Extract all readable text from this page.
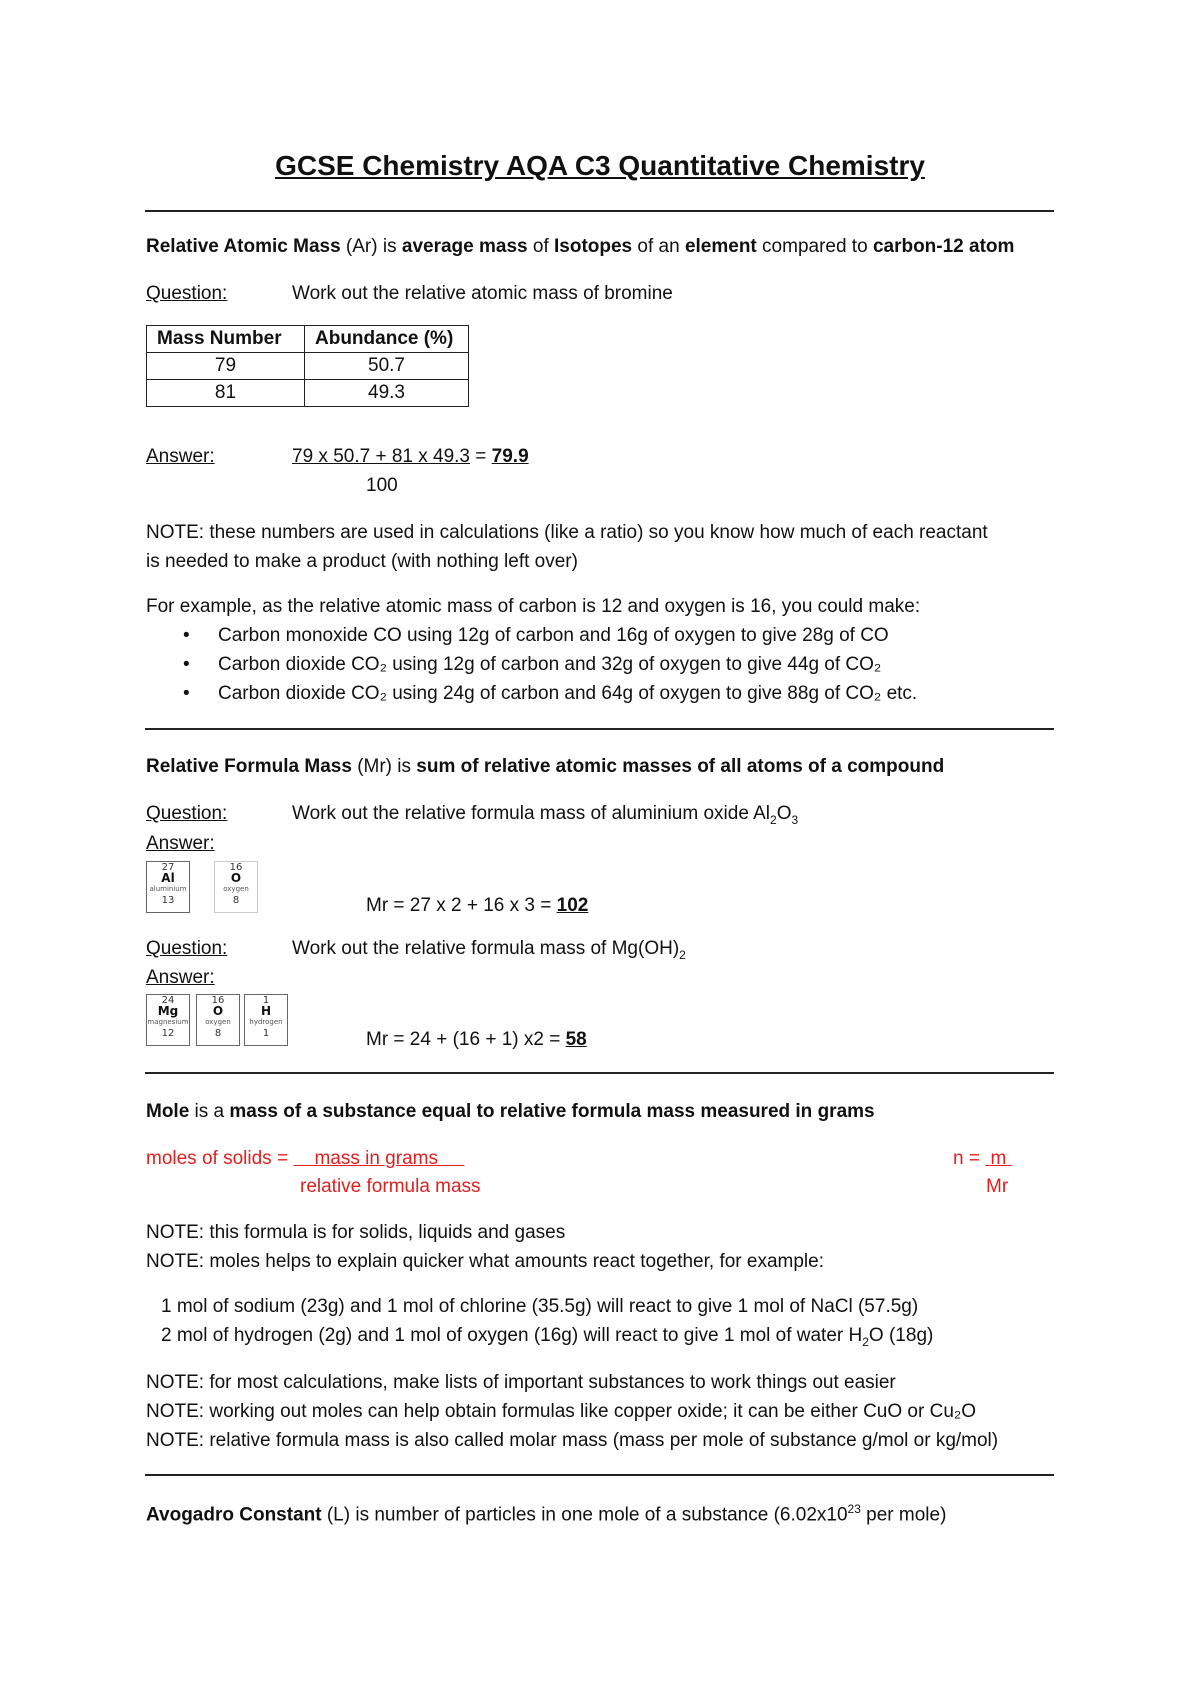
GCSE Chemistry AQA C3 Quantitative Chemistry
Relative Atomic Mass (Ar) is average mass of Isotopes of an element compared to carbon-12 atom
Question:	Work out the relative atomic mass of bromine
Mass Number	Abundance (%)
79	50.7
81	49.3
Answer:	79 x 50.7 + 81 x 49.3 = 79.9
100
NOTE: these numbers are used in calculations (like a ratio) so you know how much of each reactant
is needed to make a product (with nothing left over)
For example, as the relative atomic mass of carbon is 12 and oxygen is 16, you could make:
• Carbon monoxide CO using 12g of carbon and 16g of oxygen to give 28g of CO
• Carbon dioxide CO₂ using 12g of carbon and 32g of oxygen to give 44g of CO₂
• Carbon dioxide CO₂ using 24g of carbon and 64g of oxygen to give 88g of CO₂ etc.
Relative Formula Mass (Mr) is sum of relative atomic masses of all atoms of a compound
Question:	Work out the relative formula mass of aluminium oxide $Al_2O_3$
Answer:
27
Al
aluminium
13
16
O
oxygen
8	Mr = 27 x 2 + 16 x 3 = 102
Question:	Work out the relative formula mass of $Mg(OH)_2$
Answer:
24
Mg
magnesium
12
16
O
oxygen
8
1
H
hydrogen
1	Mr = 24 + (16 + 1) x2 = 58
Mole is a mass of a substance equal to relative formula mass measured in grams
moles of solids =     mass in grams
relative formula mass
n =  m
Mr
NOTE: this formula is for solids, liquids and gases
NOTE: moles helps to explain quicker what amounts react together, for example:
1 mol of sodium (23g) and 1 mol of chlorine (35.5g) will react to give 1 mol of NaCl (57.5g)
2 mol of hydrogen (2g) and 1 mol of oxygen (16g) will react to give 1 mol of water $H_2O$ (18g)
NOTE: for most calculations, make lists of important substances to work things out easier
NOTE: working out moles can help obtain formulas like copper oxide; it can be either CuO or Cu₂O
NOTE: relative formula mass is also called molar mass (mass per mole of substance g/mol or kg/mol)
Avogadro Constant (L) is number of particles in one mole of a substance ($6.02x10^{23}$ per mole)
